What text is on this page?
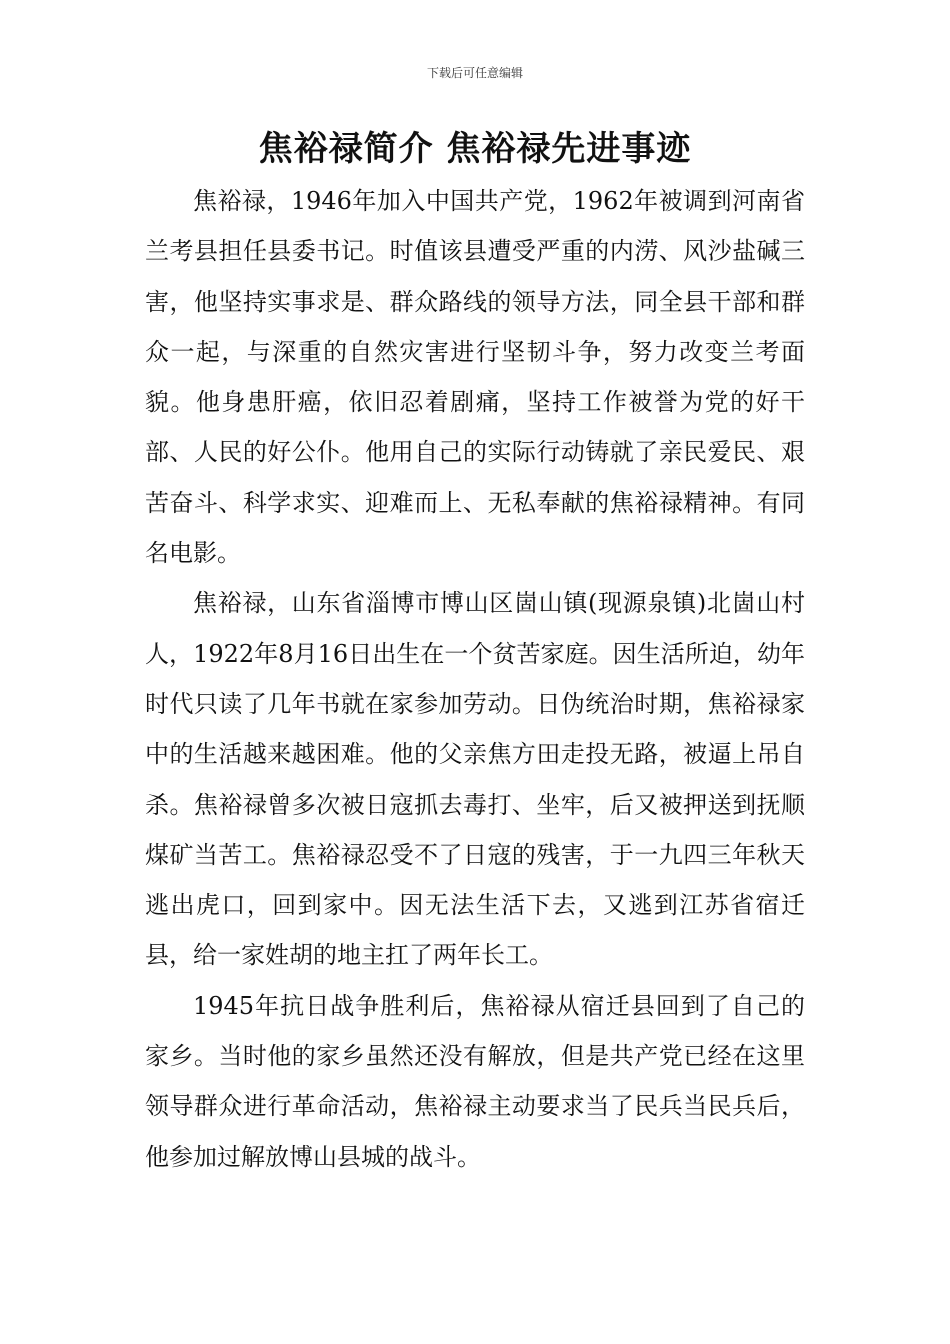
下载后可任意编辑
焦裕禄简介 焦裕禄先进事迹

焦裕禄，1946年加入中国共产党，1962年被调到河南省兰考县担任县委书记。时值该县遭受严重的内涝、风沙盐碱三害，他坚持实事求是、群众路线的领导方法，同全县干部和群众一起，与深重的自然灾害进行坚韧斗争，努力改变兰考面貌。他身患肝癌，依旧忍着剧痛，坚持工作被誉为党的好干部、人民的好公仆。他用自己的实际行动铸就了亲民爱民、艰苦奋斗、科学求实、迎难而上、无私奉献的焦裕禄精神。有同名电影。

焦裕禄，山东省淄博市博山区崮山镇(现源泉镇)北崮山村人，1922年8月16日出生在一个贫苦家庭。因生活所迫，幼年时代只读了几年书就在家参加劳动。日伪统治时期，焦裕禄家中的生活越来越困难。他的父亲焦方田走投无路，被逼上吊自杀。焦裕禄曾多次被日寇抓去毒打、坐牢，后又被押送到抚顺煤矿当苦工。焦裕禄忍受不了日寇的残害，于一九四三年秋天逃出虎口，回到家中。因无法生活下去，又逃到江苏省宿迁县，给一家姓胡的地主扛了两年长工。

1945年抗日战争胜利后，焦裕禄从宿迁县回到了自己的家乡。当时他的家乡虽然还没有解放，但是共产党已经在这里领导群众进行革命活动，焦裕禄主动要求当了民兵当民兵后，他参加过解放博山县城的战斗。
